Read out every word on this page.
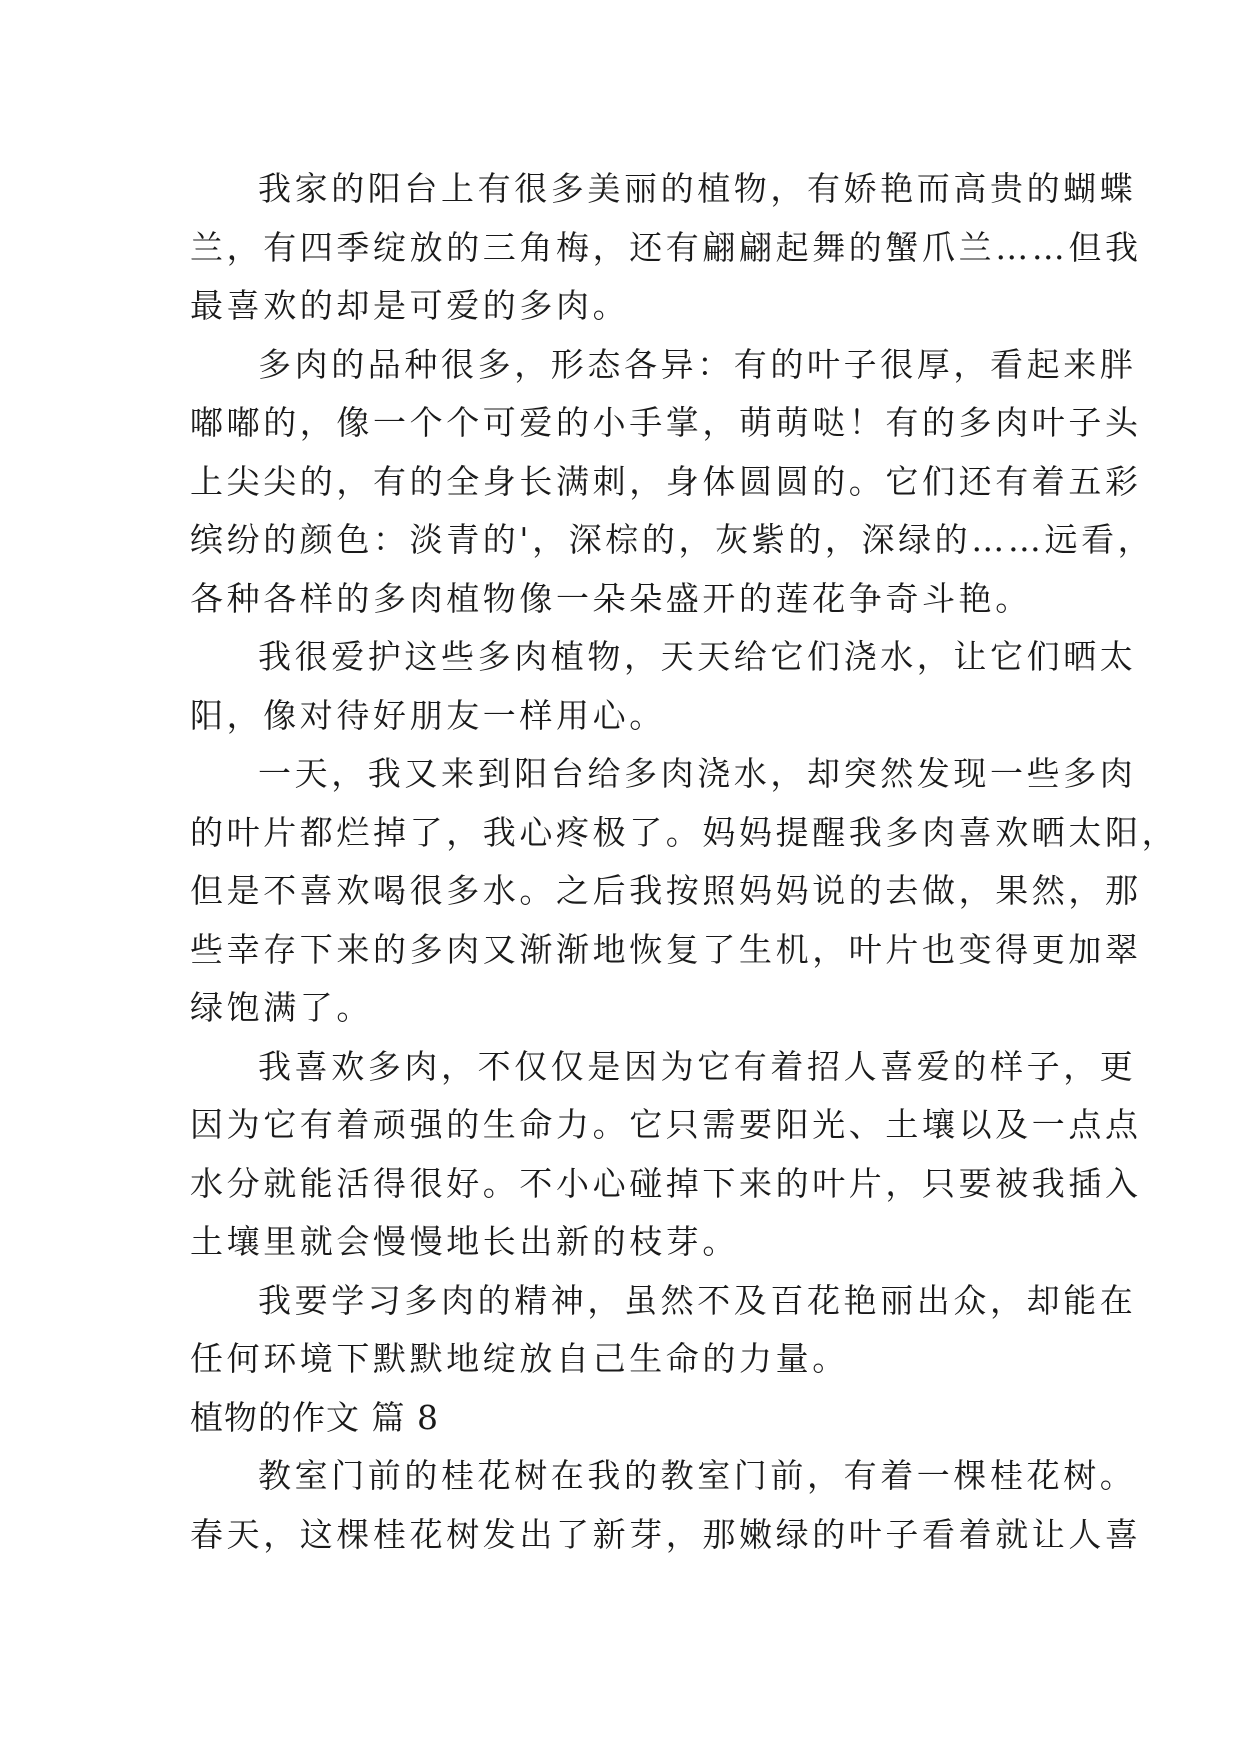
我家的阳台上有很多美丽的植物，有娇艳而高贵的蝴蝶
兰，有四季绽放的三角梅，还有翩翩起舞的蟹爪兰……但我
最喜欢的却是可爱的多肉。
多肉的品种很多，形态各异：有的叶子很厚，看起来胖
嘟嘟的，像一个个可爱的小手掌，萌萌哒！有的多肉叶子头
上尖尖的，有的全身长满刺，身体圆圆的。它们还有着五彩
缤纷的颜色：淡青的'，深棕的，灰紫的，深绿的……远看，
各种各样的多肉植物像一朵朵盛开的莲花争奇斗艳。
我很爱护这些多肉植物，天天给它们浇水，让它们晒太
阳，像对待好朋友一样用心。
一天，我又来到阳台给多肉浇水，却突然发现一些多肉
的叶片都烂掉了，我心疼极了。妈妈提醒我多肉喜欢晒太阳，
但是不喜欢喝很多水。之后我按照妈妈说的去做，果然，那
些幸存下来的多肉又渐渐地恢复了生机，叶片也变得更加翠
绿饱满了。
我喜欢多肉，不仅仅是因为它有着招人喜爱的样子，更
因为它有着顽强的生命力。它只需要阳光、土壤以及一点点
水分就能活得很好。不小心碰掉下来的叶片，只要被我插入
土壤里就会慢慢地长出新的枝芽。
我要学习多肉的精神，虽然不及百花艳丽出众，却能在
任何环境下默默地绽放自己生命的力量。
植物的作文 篇 8
教室门前的桂花树在我的教室门前，有着一棵桂花树。
春天，这棵桂花树发出了新芽，那嫩绿的叶子看着就让人喜
